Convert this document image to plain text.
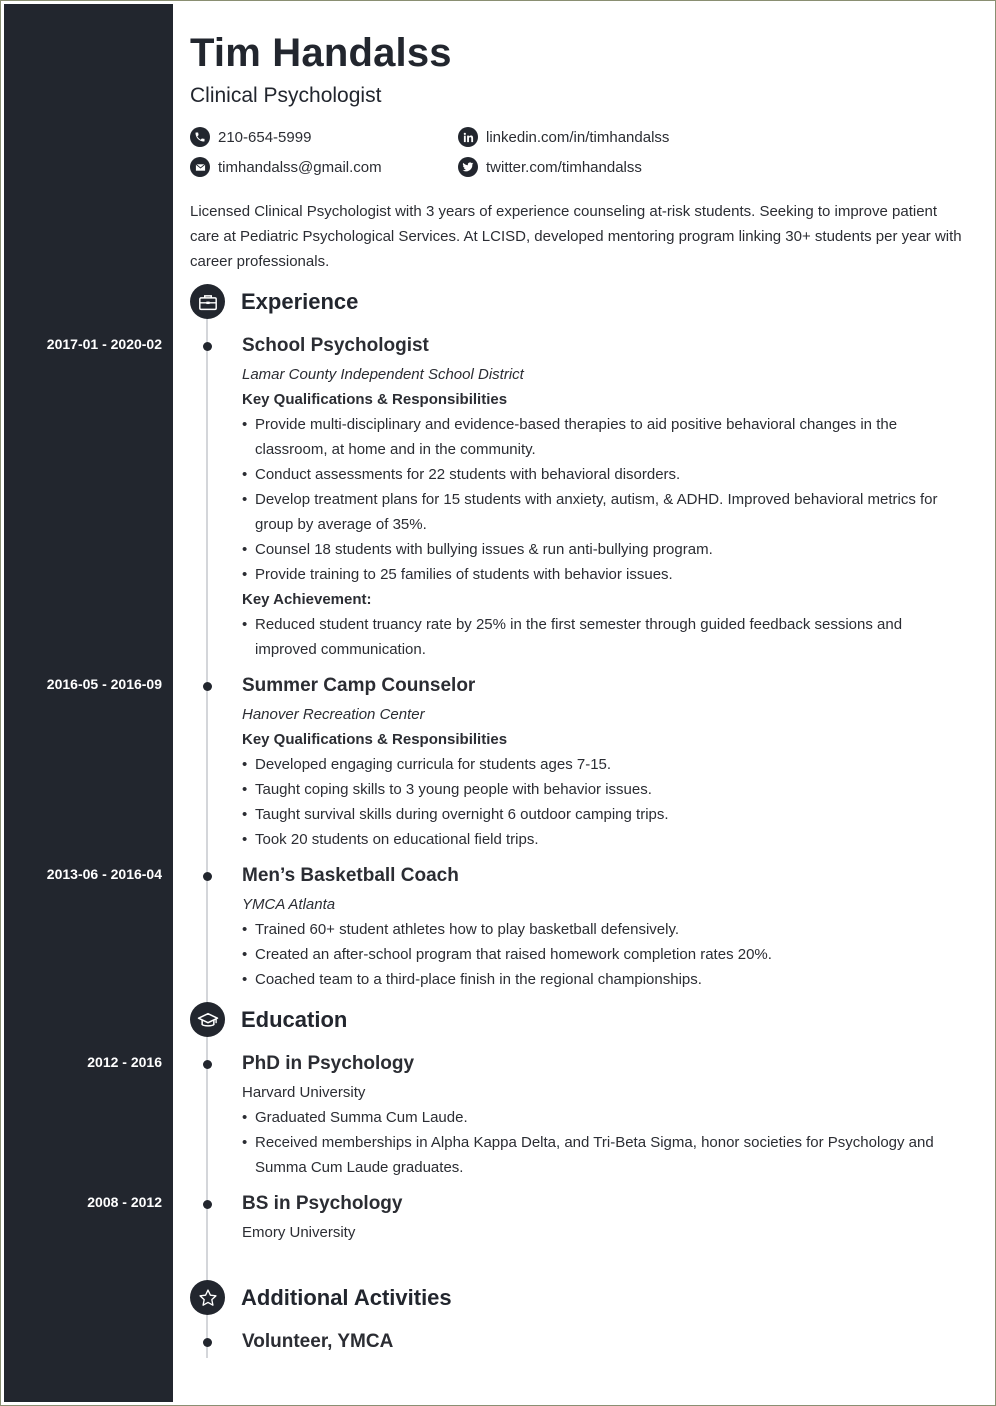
Tim Handalss
Clinical Psychologist
210-654-5999
timhandalss@gmail.com
linkedin.com/in/timhandalss
twitter.com/timhandalss
Licensed Clinical Psychologist with 3 years of experience counseling at-risk students. Seeking to improve patient care at Pediatric Psychological Services. At LCISD, developed mentoring program linking 30+ students per year with career professionals.
Experience
2017-01 - 2020-02	School Psychologist
Lamar County Independent School District
Key Qualifications & Responsibilities
• Provide multi-disciplinary and evidence-based therapies to aid positive behavioral changes in the classroom, at home and in the community.
• Conduct assessments for 22 students with behavioral disorders.
• Develop treatment plans for 15 students with anxiety, autism, & ADHD. Improved behavioral metrics for group by average of 35%.
• Counsel 18 students with bullying issues & run anti-bullying program.
• Provide training to 25 families of students with behavior issues.
Key Achievement:
• Reduced student truancy rate by 25% in the first semester through guided feedback sessions and improved communication.
2016-05 - 2016-09	Summer Camp Counselor
Hanover Recreation Center
Key Qualifications & Responsibilities
• Developed engaging curricula for students ages 7-15.
• Taught coping skills to 3 young people with behavior issues.
• Taught survival skills during overnight 6 outdoor camping trips.
• Took 20 students on educational field trips.
2013-06 - 2016-04	Men’s Basketball Coach
YMCA Atlanta
• Trained 60+ student athletes how to play basketball defensively.
• Created an after-school program that raised homework completion rates 20%.
• Coached team to a third-place finish in the regional championships.
Education
2012 - 2016	PhD in Psychology
Harvard University
• Graduated Summa Cum Laude.
• Received memberships in Alpha Kappa Delta, and Tri-Beta Sigma, honor societies for Psychology and Summa Cum Laude graduates.
2008 - 2012	BS in Psychology
Emory University
Additional Activities
Volunteer, YMCA
